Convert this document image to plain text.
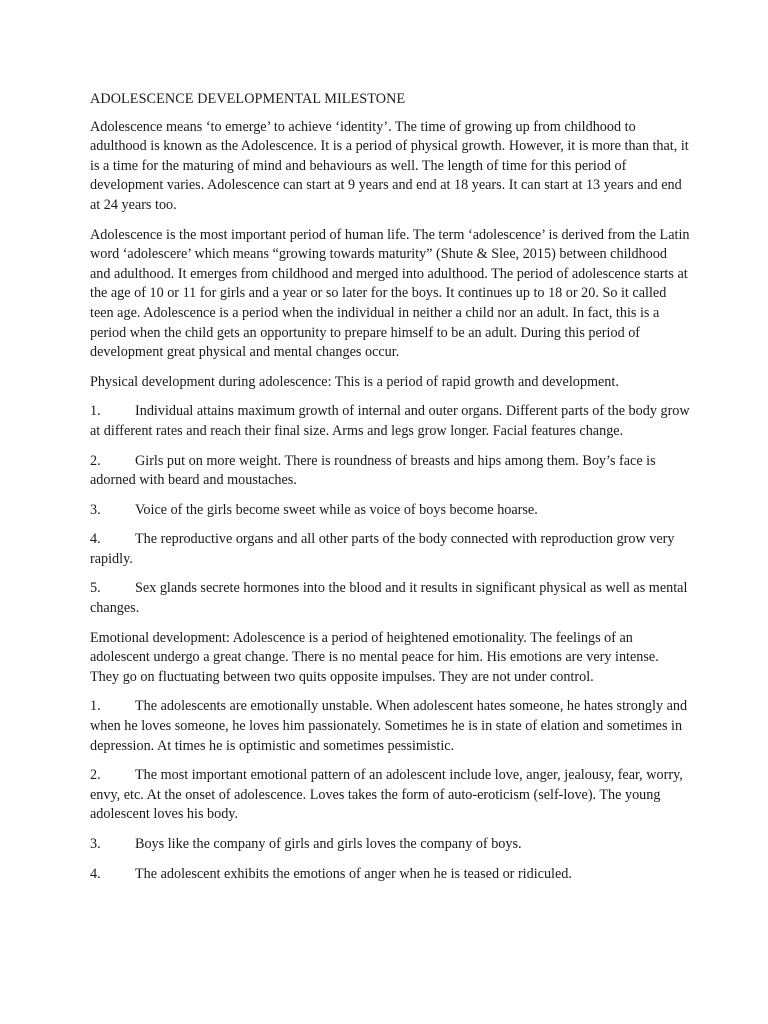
ADOLESCENCE DEVELOPMENTAL MILESTONE

Adolescence means ‘to emerge’ to achieve ‘identity’. The time of growing up from childhood to adulthood is known as the Adolescence. It is a period of physical growth. However, it is more than that, it is a time for the maturing of mind and behaviours as well. The length of time for this period of development varies. Adolescence can start at 9 years and end at 18 years. It can start at 13 years and end at 24 years too.

Adolescence is the most important period of human life. The term ‘adolescence’ is derived from the Latin word ‘adolescere’ which means “growing towards maturity” (Shute & Slee, 2015) between childhood and adulthood. It emerges from childhood and merged into adulthood. The period of adolescence starts at the age of 10 or 11 for girls and a year or so later for the boys. It continues up to 18 or 20. So it called teen age. Adolescence is a period when the individual in neither a child nor an adult. In fact, this is a period when the child gets an opportunity to prepare himself to be an adult. During this period of development great physical and mental changes occur.

Physical development during adolescence: This is a period of rapid growth and development.

1. Individual attains maximum growth of internal and outer organs. Different parts of the body grow at different rates and reach their final size. Arms and legs grow longer. Facial features change.
2. Girls put on more weight. There is roundness of breasts and hips among them. Boy’s face is adorned with beard and moustaches.
3. Voice of the girls become sweet while as voice of boys become hoarse.
4. The reproductive organs and all other parts of the body connected with reproduction grow very rapidly.
5. Sex glands secrete hormones into the blood and it results in significant physical as well as mental changes.

Emotional development: Adolescence is a period of heightened emotionality. The feelings of an adolescent undergo a great change. There is no mental peace for him. His emotions are very intense. They go on fluctuating between two quits opposite impulses. They are not under control.

1. The adolescents are emotionally unstable. When adolescent hates someone, he hates strongly and when he loves someone, he loves him passionately. Sometimes he is in state of elation and sometimes in depression. At times he is optimistic and sometimes pessimistic.
2. The most important emotional pattern of an adolescent include love, anger, jealousy, fear, worry, envy, etc. At the onset of adolescence. Loves takes the form of auto-eroticism (self-love). The young adolescent loves his body.
3. Boys like the company of girls and girls loves the company of boys.
4. The adolescent exhibits the emotions of anger when he is teased or ridiculed.
